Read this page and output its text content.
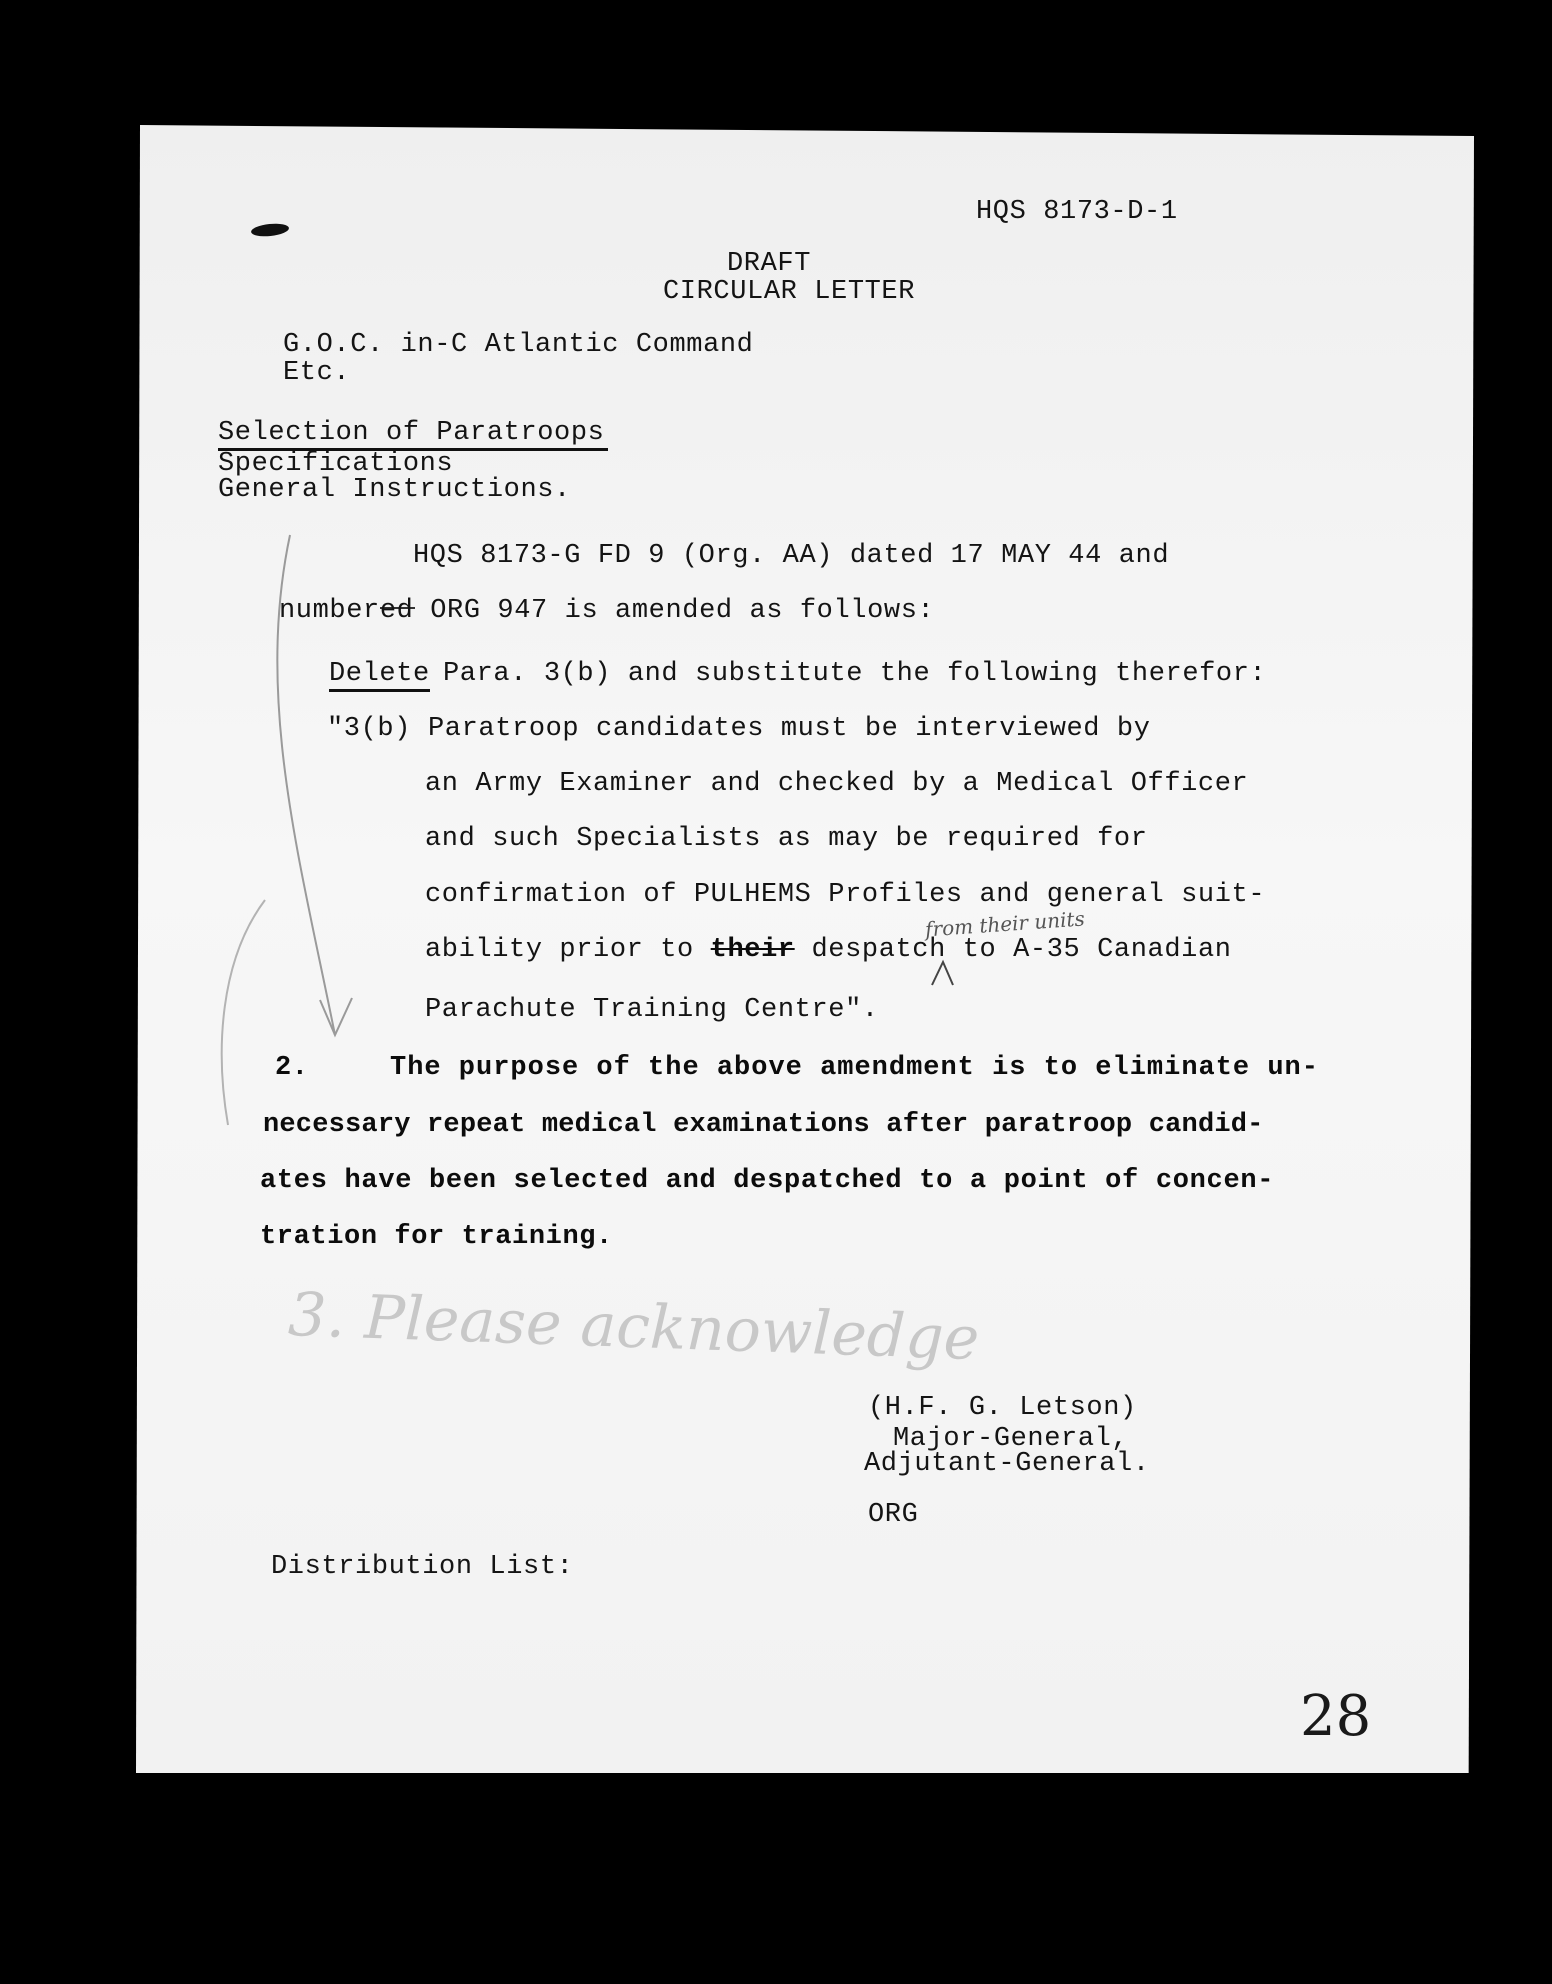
HQS 8173-D-1
DRAFT
CIRCULAR LETTER
G.O.C. in-C Atlantic Command
Etc.
Selection of Paratroops
Specifications
General Instructions.
HQS 8173-G FD 9 (Org. AA) dated 17 MAY 44 and
numbered ORG 947 is amended as follows:
Delete Para. 3(b) and substitute the following therefor:
"3(b) Paratroop candidates must be interviewed by
an Army Examiner and checked by a Medical Officer
and such Specialists as may be required for
confirmation of PULHEMS Profiles and general suit-
ability prior to their despatch to A-35 Canadian
from their units
Parachute Training Centre".
2.	The purpose of the above amendment is to eliminate un-
necessary repeat medical examinations after paratroop candid-
ates have been selected and despatched to a point of concen-
tration for training.
3. Please acknowledge
(H.F. G. Letson)
Major-General,
Adjutant-General.
ORG
Distribution List:
28
